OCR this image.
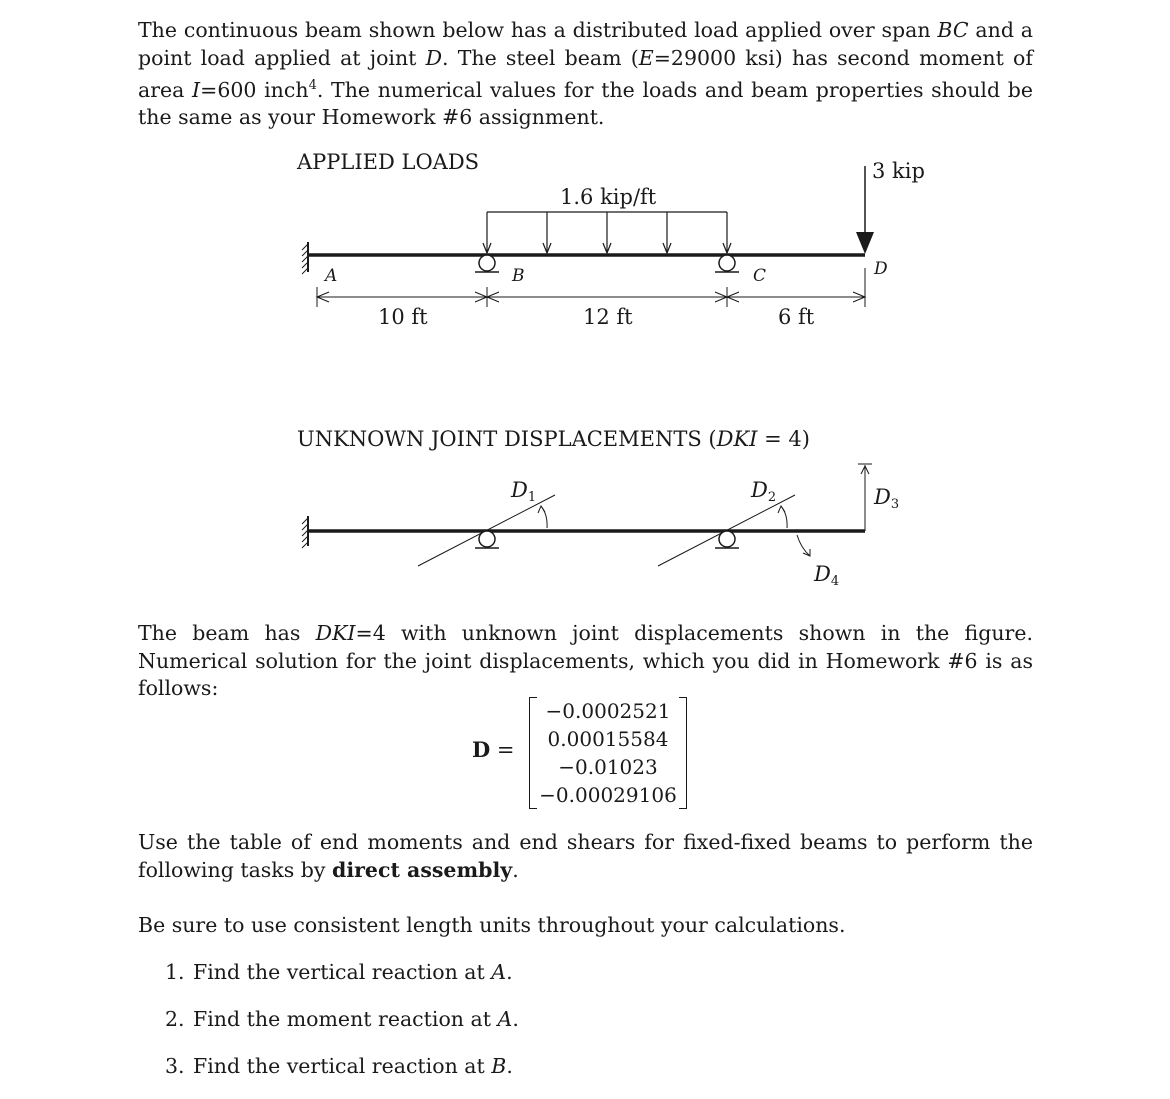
The continuous beam shown below has a distributed load applied over span BC and a point load applied at joint D. The steel beam (E=29000 ksi) has second moment of area I=600 inch$^4$. The numerical values for the loads and beam properties should be the same as your Homework #6 assignment.

APPLIED LOADS
1.6 kip/ft
3 kip
A	B	C	D
10 ft	12 ft	6 ft
UNKNOWN JOINT DISPLACEMENTS (DKI = 4)
D1	D2	D3
D4

The beam has DKI=4 with unknown joint displacements shown in the figure. Numerical solution for the joint displacements, which you did in Homework #6 is as follows:

D =
−0.0002521
0.00015584
−0.01023
−0.00029106

Use the table of end moments and end shears for fixed-fixed beams to perform the following tasks by direct assembly.

Be sure to use consistent length units throughout your calculations.

1. Find the vertical reaction at A.
2. Find the moment reaction at A.
3. Find the vertical reaction at B.
